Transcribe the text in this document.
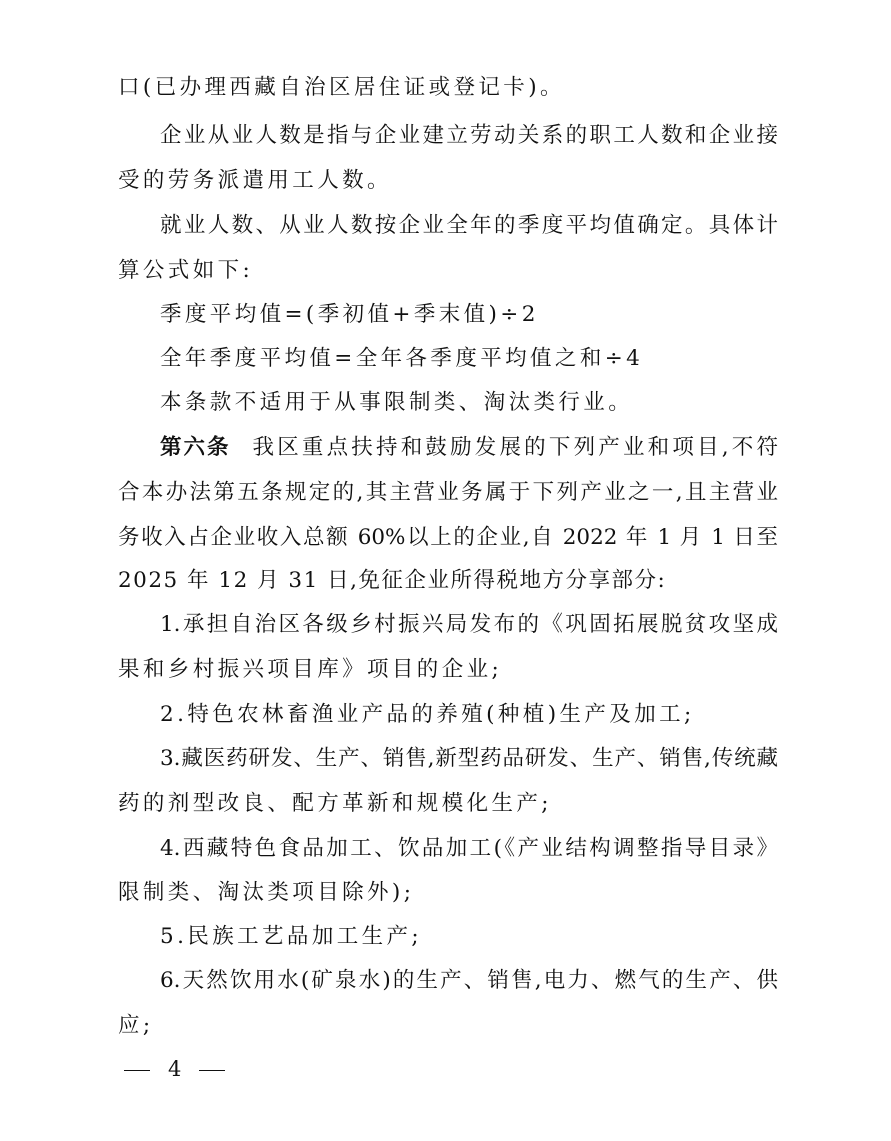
口(已办理西藏自治区居住证或登记卡)。
企业从业人数是指与企业建立劳动关系的职工人数和企业接
受的劳务派遣用工人数。
就业人数、从业人数按企业全年的季度平均值确定。具体计
算公式如下:
季度平均值=(季初值+季末值)÷2
全年季度平均值=全年各季度平均值之和÷4
本条款不适用于从事限制类、淘汰类行业。
第六条 我区重点扶持和鼓励发展的下列产业和项目,不符
合本办法第五条规定的,其主营业务属于下列产业之一,且主营业
务收入占企业收入总额 60%以上的企业,自 2022 年 1 月 1 日至
2025 年 12 月 31 日,免征企业所得税地方分享部分:
1.承担自治区各级乡村振兴局发布的《巩固拓展脱贫攻坚成
果和乡村振兴项目库》项目的企业;
2.特色农林畜渔业产品的养殖(种植)生产及加工;
3.藏医药研发、生产、销售,新型药品研发、生产、销售,传统藏
药的剂型改良、配方革新和规模化生产;
4.西藏特色食品加工、饮品加工(《产业结构调整指导目录》
限制类、淘汰类项目除外);
5.民族工艺品加工生产;
6.天然饮用水(矿泉水)的生产、销售,电力、燃气的生产、供
应;
4
